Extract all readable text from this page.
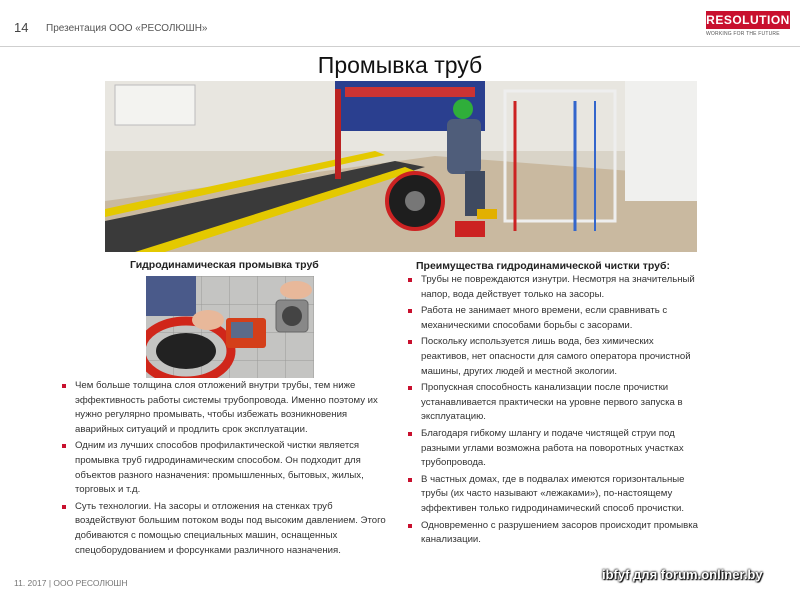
14 Презентация ООО «РЕСОЛЮШН»
RESOLUTION
WORKING FOR THE FUTURE
Промывка труб
Гидродинамическая промывка труб
Чем больше толщина слоя отложений внутри трубы, тем ниже эффективность работы системы трубопровода. Именно поэтому их нужно регулярно промывать, чтобы избежать возникновения аварийных ситуаций и продлить срок эксплуатации.
Одним из лучших способов профилактической чистки является промывка труб гидродинамическим способом. Он подходит для объектов разного назначения: промышленных, бытовых, жилых, торговых и т.д.
Суть технологии. На засоры и отложения на стенках труб воздействуют большим потоком воды под высоким давлением. Этого добиваются с помощью специальных машин, оснащенных спецоборудованием и форсунками различного назначения.
Преимущества гидродинамической чистки труб:
Трубы не повреждаются изнутри. Несмотря на значительный напор, вода действует только на засоры.
Работа не занимает много времени, если сравнивать с механическими способами борьбы с засорами.
Поскольку используется лишь вода, без химических реактивов, нет опасности для самого оператора прочистной машины, других людей и местной экологии.
Пропускная способность канализации после прочистки устанавливается практически на уровне первого запуска в эксплуатацию.
Благодаря гибкому шлангу и подаче чистящей струи под разными углами возможна работа на поворотных участках трубопровода.
В частных домах, где в подвалах имеются горизонтальные трубы (их часто называют «лежаками»), по-настоящему эффективен только гидродинамический способ прочистки.
Одновременно с разрушением засоров происходит промывка канализации.
11. 2017 | ООО РЕСОЛЮШН
ibfyf для forum.onliner.by
